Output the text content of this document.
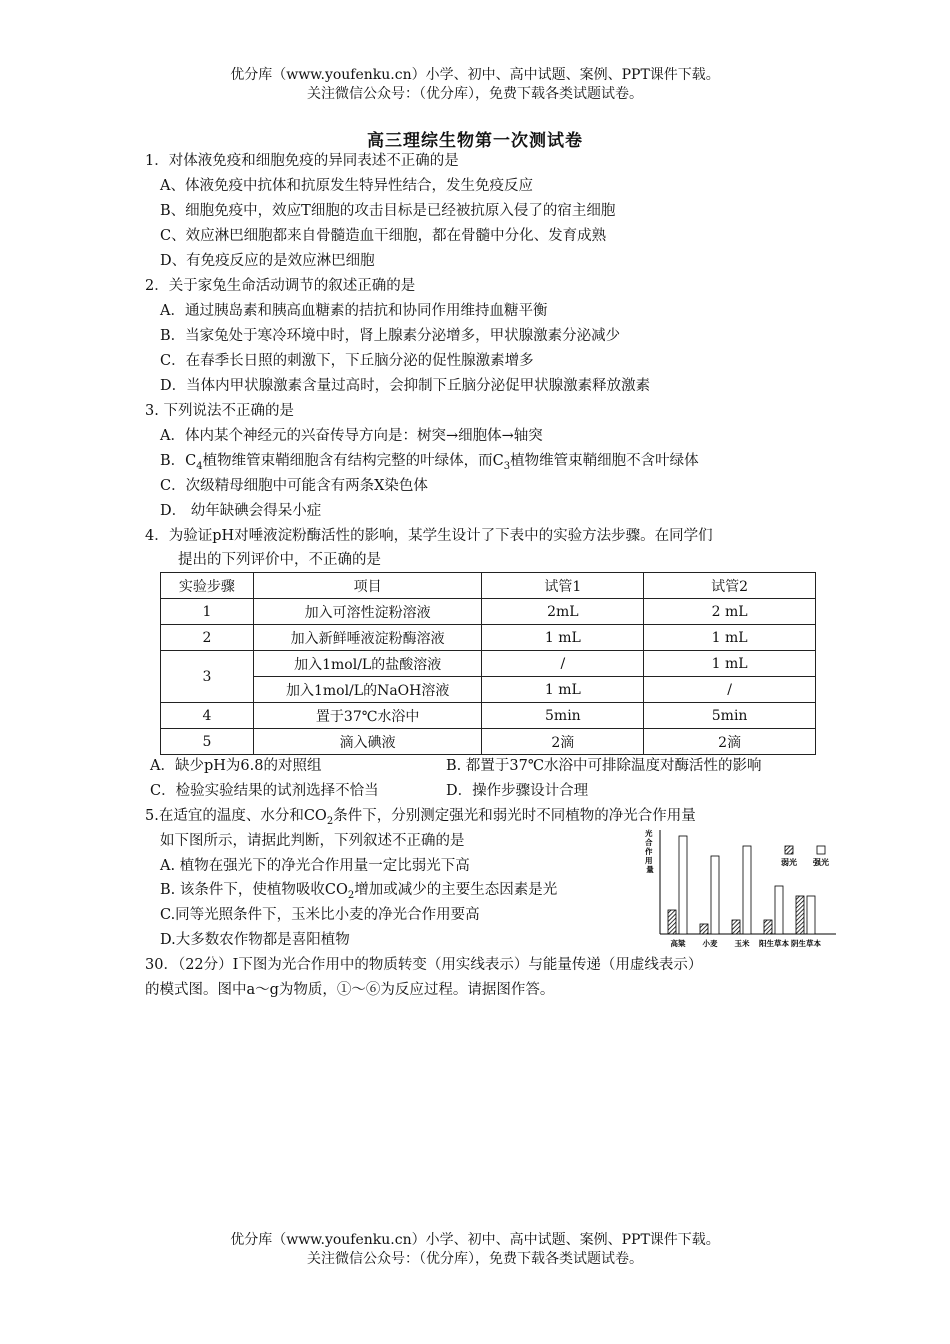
优分库（www.youfenku.cn）小学、初中、高中试题、案例、PPT课件下载。
关注微信公众号：（优分库），免费下载各类试题试卷。
高三理综生物第一次测试卷
1．对体液免疫和细胞免疫的异同表述不正确的是
A、体液免疫中抗体和抗原发生特异性结合，发生免疫反应
B、细胞免疫中，效应T细胞的攻击目标是已经被抗原入侵了的宿主细胞
C、效应淋巴细胞都来自骨髓造血干细胞，都在骨髓中分化、发育成熟
D、有免疫反应的是效应淋巴细胞
2．关于家兔生命活动调节的叙述正确的是
A．通过胰岛素和胰高血糖素的拮抗和协同作用维持血糖平衡
B．当家兔处于寒冷环境中时，肾上腺素分泌增多，甲状腺激素分泌减少
C．在春季长日照的刺激下，下丘脑分泌的促性腺激素增多
D．当体内甲状腺激素含量过高时，会抑制下丘脑分泌促甲状腺激素释放激素
3. 下列说法不正确的是
A．体内某个神经元的兴奋传导方向是：树突→细胞体→轴突
B．$C_4$植物维管束鞘细胞含有结构完整的叶绿体，而$C_3$植物维管束鞘细胞不含叶绿体
C．次级精母细胞中可能含有两条X染色体
D． 幼年缺碘会得呆小症
4．为验证pH对唾液淀粉酶活性的影响，某学生设计了下表中的实验方法步骤。在同学们
提出的下列评价中，不正确的是
实验步骤	项目	试管1	试管2
1	加入可溶性淀粉溶液	2mL	2 mL
2	加入新鲜唾液淀粉酶溶液	1 mL	1 mL
3	加入1mol/L的盐酸溶液	/	1 mL
	加入1mol/L的NaOH溶液	1 mL	/
4	置于37℃水浴中	5min	5min
5	滴入碘液	2滴	2滴
A．缺少pH为6.8的对照组	B. 都置于37℃水浴中可排除温度对酶活性的影响
C．检验实验结果的试剂选择不恰当	D．操作步骤设计合理
5.在适宜的温度、水分和$CO_2$条件下，分别测定强光和弱光时不同植物的净光合作用量
如下图所示，请据此判断，下列叙述不正确的是
A. 植物在强光下的净光合作用量一定比弱光下高
B. 该条件下，使植物吸收$CO_2$增加或减少的主要生态因素是光
C.同等光照条件下，玉米比小麦的净光合作用要高
D.大多数农作物都是喜阳植物
光 合 作 用 量
高粱 小麦 玉米 阳生草本 阴生草本
弱光 强光
30．（22分）Ⅰ下图为光合作用中的物质转变（用实线表示）与能量传递（用虚线表示）
的模式图。图中a～g为物质，①～⑥为反应过程。请据图作答。
优分库（www.youfenku.cn）小学、初中、高中试题、案例、PPT课件下载。
关注微信公众号：（优分库），免费下载各类试题试卷。
